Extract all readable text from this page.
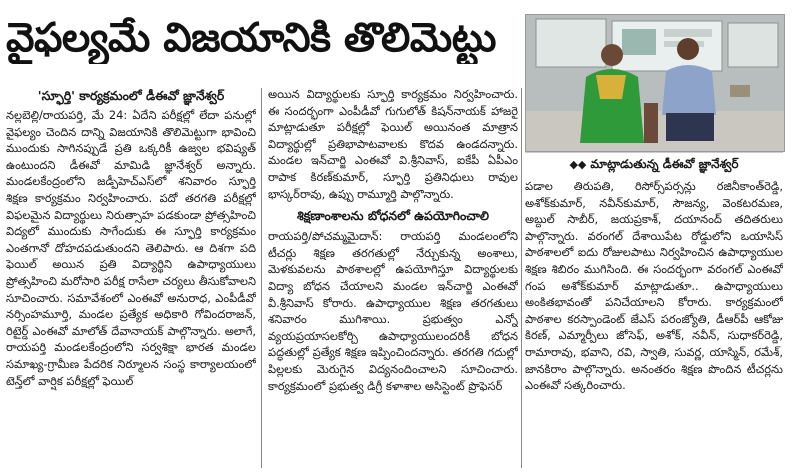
వైఫల్యమే విజయానికి తొలిమెట్టు
◆◆ మాట్లాడుతున్న డీఈవో జ్ఞానేశ్వర్
'స్ఫూర్తి' కార్యక్రమంలో డీఈవో జ్ఞానేశ్వర్

నల్లబెల్లి/రాయపర్తి, మే 24: ఏదేని పరీక్షల్లో లేదా పనుల్లో వైఫల్యం చెందిన దాన్ని విజయానికి తొలిమెట్టుగా భావించి ముందుకు సాగినప్పుడే ప్రతి ఒక్కరికీ ఉజ్వల భవిష్యత్ ఉంటుందని డీఈవో మామిడి జ్ఞానేశ్వర్ అన్నారు. మండలకేంద్రంలోని జడ్పీహెచ్ఎస్‌లో శనివారం స్ఫూర్తి శిక్షణ కార్యక్రమం నిర్వహించారు. పదో తరగతి పరీక్షల్లో విఫలమైన విద్యార్థులు నిరుత్సాహ పడకుండా ప్రోత్సహించి విద్యలో ముందుకు సాగేందుకు ఈ స్ఫూర్తి కార్యక్రమం ఎంతగానో దోహదపడుతుందని తెలిపారు. ఆ దిశగా పది ఫెయిల్ అయిన ప్రతి విద్యార్థిని ఉపాధ్యాయులు ప్రోత్సహించి మరోసారి పరీక్ష రాసేలా చర్యలు తీసుకోవాలని సూచించారు. సమావేశంలో ఎంఈవో అనురాధ, ఎంపీడీవో నర్సింహమూర్తి, మండల ప్రత్యేక అధికారి గోవిందరాజన్, రిటైర్డ్ ఎంఈవో మాలోత్ దేవానాయక్ పాల్గొన్నారు. అలాగే, రాయపర్తి మండలకేంద్రంలోని సర్వశిక్షా భారత మండల సమాఖ్య-గ్రామీణ పేదరిక నిర్మూలన సంస్థ కార్యాలయంలో టెన్త్‌లో వార్షిక పరీక్షల్లో ఫెయిల్

అయిన విద్యార్థులకు స్ఫూర్తి కార్యక్రమం నిర్వహించారు. ఈ సందర్భంగా ఎంపీడీవో గుగులోత్ కిషన్‌నాయక్ హాజరై మాట్లాడుతూ పరీక్షల్లో ఫెయిల్ అయినంత మాత్రాన విద్యార్థుల్లో ప్రతిభాపాటవాలకు కొదవ ఉండదన్నారు. మండల ఇన్‌చార్జి ఎంఈవో వి.శ్రీనివాస్, ఐకేపీ ఏపీఎం రాపాక కిరణ్‌కుమార్, స్ఫూర్తి ప్రతినిధులు రావుల భాస్కర్‌రావు, ఉప్పు రామ్మూర్తి పాల్గొన్నారు.

శిక్షణాంశాలను బోధనలో ఉపయోగించాలి

రాయపర్తి/పోచమ్మమైదాన్: రాయపర్తి మండలంలోని టీచర్లు శిక్షణ తరగతుల్లో నేర్చుకున్న అంశాలు, మెళకువలను పాఠశాలల్లో ఉపయోగిస్తూ విద్యార్థులకు విద్యా బోధన చేయాలని మండల ఇన్‌చార్జి ఎంఈవో వీ.శ్రీనివాస్ కోరారు. ఉపాధ్యాయుల శిక్షణ తరగతులు శనివారం ముగిశాయి. ప్రభుత్వం ఎన్నో వ్యయప్రయాసలకోర్చి ఉపాధ్యాయులందరికీ బోధన పద్ధతుల్లో ప్రత్యేక శిక్షణ ఇప్పించిందన్నారు. తరగతి గదుల్లో పిల్లలకు మెరుగైన విద్యనందించాలని సూచించారు. కార్యక్రమంలో ప్రభుత్వ డిగ్రీ కళాశాల అసిస్టెంట్ ప్రొఫెసర్

పడాల తిరుపతి, రిసోర్స్‌పర్సన్లు రజినీకాంత్‌రెడ్డి, అశోక్‌కుమార్, నవీన్‌కుమార్, సౌజన్య, వెంకటరమణ, అబ్దుల్ సాబీర్, జయప్రకాశ్, దయానంద్ తదితరులు పాల్గొన్నారు. వరంగల్ దేశాయిపేట రోడ్డులోని ఒయాసిస్ పాఠశాలలో ఐదు రోజులపాటు నిర్వహించిన ఉపాధ్యాయుల శిక్షణ శిబిరం ముగిసింది. ఈ సందర్భంగా వరంగల్ ఎంఈవో గంప అశోక్‌కుమార్ మాట్లాడుతూ.. ఉపాధ్యాయులు అంకితభావంతో పనిచేయాలని కోరారు. కార్యక్రమంలో పాఠశాల కరస్పాండెంట్ జేఎస్ పరంజ్యోతి, డీఆర్‌పీ ఆకోజు కిరణ్, ఎమ్మార్పీలు జోసెఫ్, అశోక్, నవీన్, సుధాకర్‌రెడ్డి, రామారావు, భవాని, రవి, స్వాతి, సువర్ణ, యాస్మిన్, రమేశ్, జానకిరాం పాల్గొన్నారు. అనంతరం శిక్షణ పొందిన టీచర్లను ఎంఈవో సత్కరించారు.
